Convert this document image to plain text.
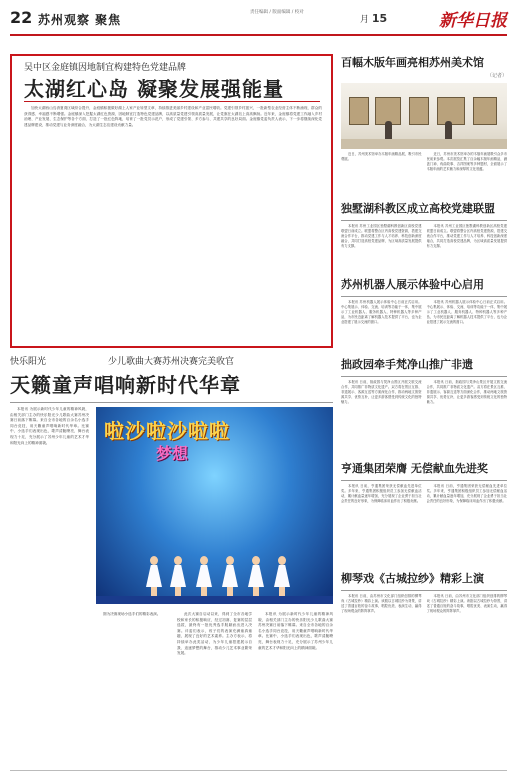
22 苏州观察 聚焦
责任编辑 / 版面编辑 / 校对
月 15	新华日报
吴中区金庭镇因地制宜构建特色党建品牌
太湖红心岛 凝聚发展强能量
加快太湖西山岛消夏湾区域综合提升，金庭镇积极做好湖上人家产业转型文章，持续推进美丽乡村建设和产业富民增收。党建引领乡村振兴，一批新型农业经营主体不断涌现，群众的获得感、幸福感不断增强。金庭镇深入挖掘太湖红色资源，因地制宜打造特色党建品牌，以高质量党建引领高质量发展，让党旗在太湖岛上高高飘扬。近年来，金庭镇将党建工作融入乡村治理、产业发展、生态保护等各个方面，打造了一批红色阵地，培育了一批党员示范户，形成了党建引领、多方参与、共建共享的良好局面。金庭镇党委负责人表示，下一步将继续深化党建品牌建设，推动党建与业务深度融合，为太湖生态岛建设贡献力量。
百幅木版年画亮相苏州美术馆
（记者）
近日，苏州美术馆举办木版年画精品展，吸引市民观展。
近日，苏州市美术馆举办的木版年画展吸引众多市民前来参观。本次展览汇集了百余幅木版年画精品，涵盖门神、戏曲故事、吉祥图案等多种题材，全面展示了木版年画的艺术魅力和深厚的文化底蕴。
独墅湖科教区成立高校党建联盟
本报讯 苏州工业园区独墅湖科教创新区高校党建联盟日前成立。联盟将整合区内高校党建资源，搭建交流合作平台，推动党建工作与人才培养、科技创新深度融合，共同打造高校党建品牌，为区域高质量发展提供有力支撑。
本报讯 苏州工业园区独墅湖科教创新区高校党建联盟日前成立。联盟将整合区内高校党建资源，搭建交流合作平台，推动党建工作与人才培养、科技创新深度融合，共同打造高校党建品牌，为区域高质量发展提供有力支撑。
苏州机器人展示体验中心启用
本报讯 苏州机器人展示体验中心日前正式启用。中心集展示、体验、交流、培训等功能于一体，集中展示了工业机器人、服务机器人、特种机器人等多种产品，为市民近距离了解机器人技术提供了平台，也为企业搭建了展示交流的窗口。
本报讯 苏州机器人展示体验中心日前正式启用。中心集展示、体验、交流、培训等功能于一体，集中展示了工业机器人、服务机器人、特种机器人等多种产品，为市民近距离了解机器人技术提供了平台，也为企业搭建了展示交流的窗口。
拙政园牵手梵净山推广非遗
本报讯 日前，拙政园与梵净山景区开展文旅交流合作，共同推广非物质文化遗产。双方将在景区互推、非遗展示、客源互送等方面深化合作，推动两地文旅资源共享、优势互补，让更多游客感受到传统文化的独特魅力。
本报讯 日前，拙政园与梵净山景区开展文旅交流合作，共同推广非物质文化遗产。双方将在景区互推、非遗展示、客源互送等方面深化合作，推动两地文旅资源共享、优势互补，让更多游客感受到传统文化的独特魅力。
亨通集团荣膺 无偿献血先进奖
本报讯 日前，亨通集团荣获无偿献血先进单位奖。多年来，亨通集团积极组织员工参加无偿献血活动，累计献血量逐年增加，充分展现了企业勇于担当社会责任的良好形象，为保障临床用血作出了积极贡献。
本报讯 日前，亨通集团荣获无偿献血先进单位奖。多年来，亨通集团积极组织员工参加无偿献血活动，累计献血量逐年增加，充分展现了企业勇于担当社会责任的良好形象，为保障临床用血作出了积极贡献。
柳琴戏《古城拉纱》精彩上演
本报讯 日前，由苏州市文化部门组织创排的柳琴戏《古城拉纱》精彩上演。该剧以古城拉纱为背景，讲述了普通百姓的奋斗故事，唱腔优美、表演生动，赢得了现场观众的阵阵掌声。
本报讯 日前，由苏州市文化部门组织创排的柳琴戏《古城拉纱》精彩上演。该剧以古城拉纱为背景，讲述了普通百姓的奋斗故事，唱腔优美、表演生动，赢得了现场观众的阵阵掌声。
快乐阳光	少儿歌曲大赛苏州决赛完美收官
天籁童声唱响新时代华章
本报讯 为展示新时代少年儿童的精神风貌，由相关部门主办的快乐阳光少儿歌曲大赛苏州决赛日前落下帷幕。来自全市各地的百余名小选手同台竞技，用天籁童声唱响新时代华章。比赛中，小选手们表现出色，歌声清脆嘹亮，舞台表现力十足，充分展示了苏州少年儿童的艺术才华和阳光向上的精神面貌。	啦沙啦沙啦啦
梦想
图为决赛现场小选手们的精彩表演。	此次大赛自启动以来，得到了全市各地学校和家长的积极响应，经过初赛、复赛的层层选拔，最终有一批优秀选手脱颖而出进入决赛。评委们表示，孩子们的表演充满童真童趣，展现了良好的艺术素养。主办方表示，将持续举办此类活动，为少年儿童搭建展示自我、追逐梦想的舞台，推动少儿艺术事业繁荣发展。
本报讯 为展示新时代少年儿童的精神风貌，由相关部门主办的快乐阳光少儿歌曲大赛苏州决赛日前落下帷幕。来自全市各地的百余名小选手同台竞技，用天籁童声唱响新时代华章。比赛中，小选手们表现出色，歌声清脆嘹亮，舞台表现力十足，充分展示了苏州少年儿童的艺术才华和阳光向上的精神面貌。
